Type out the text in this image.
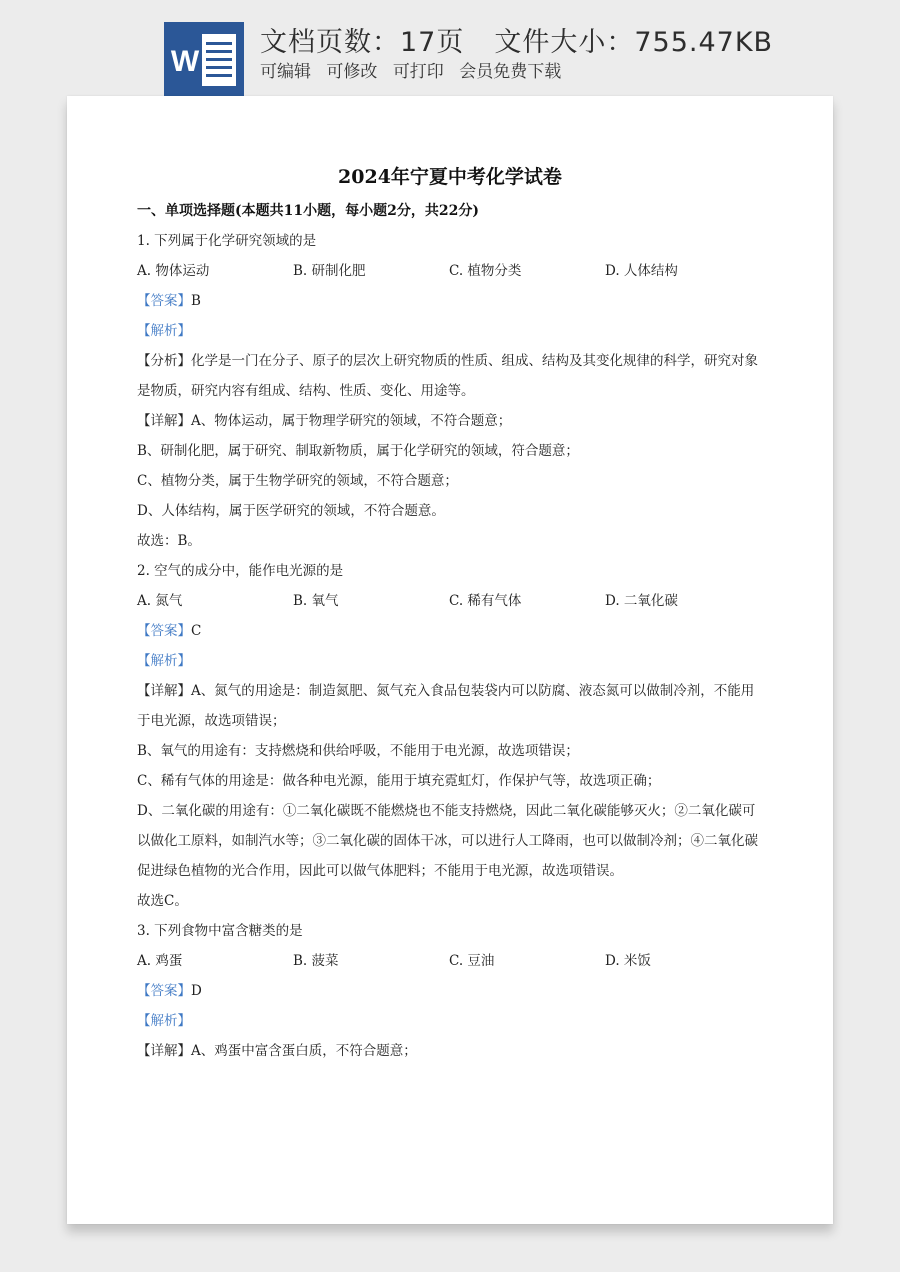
W
文档页数：17页 文件大小：755.47KB
可编辑 可修改 可打印 会员免费下载
2024年宁夏中考化学试卷
一、单项选择题(本题共11小题，每小题2分，共22分)
1. 下列属于化学研究领域的是
A. 物体运动	B. 研制化肥	C. 植物分类	D. 人体结构
【答案】B
【解析】
【分析】化学是一门在分子、原子的层次上研究物质的性质、组成、结构及其变化规律的科学，研究对象
是物质，研究内容有组成、结构、性质、变化、用途等。
【详解】A、物体运动，属于物理学研究的领域，不符合题意；
B、研制化肥，属于研究、制取新物质，属于化学研究的领域，符合题意；
C、植物分类，属于生物学研究的领域，不符合题意；
D、人体结构，属于医学研究的领域，不符合题意。
故选：B。
2. 空气的成分中，能作电光源的是
A. 氮气	B. 氧气	C. 稀有气体	D. 二氧化碳
【答案】C
【解析】
【详解】A、氮气的用途是：制造氮肥、氮气充入食品包装袋内可以防腐、液态氮可以做制冷剂，不能用
于电光源，故选项错误；
B、氧气的用途有：支持燃烧和供给呼吸，不能用于电光源，故选项错误；
C、稀有气体的用途是：做各种电光源，能用于填充霓虹灯，作保护气等，故选项正确；
D、二氧化碳的用途有：①二氧化碳既不能燃烧也不能支持燃烧，因此二氧化碳能够灭火；②二氧化碳可
以做化工原料，如制汽水等；③二氧化碳的固体干冰，可以进行人工降雨，也可以做制冷剂；④二氧化碳
促进绿色植物的光合作用，因此可以做气体肥料；不能用于电光源，故选项错误。
故选C。
3. 下列食物中富含糖类的是
A. 鸡蛋	B. 菠菜	C. 豆油	D. 米饭
【答案】D
【解析】
【详解】A、鸡蛋中富含蛋白质，不符合题意；
